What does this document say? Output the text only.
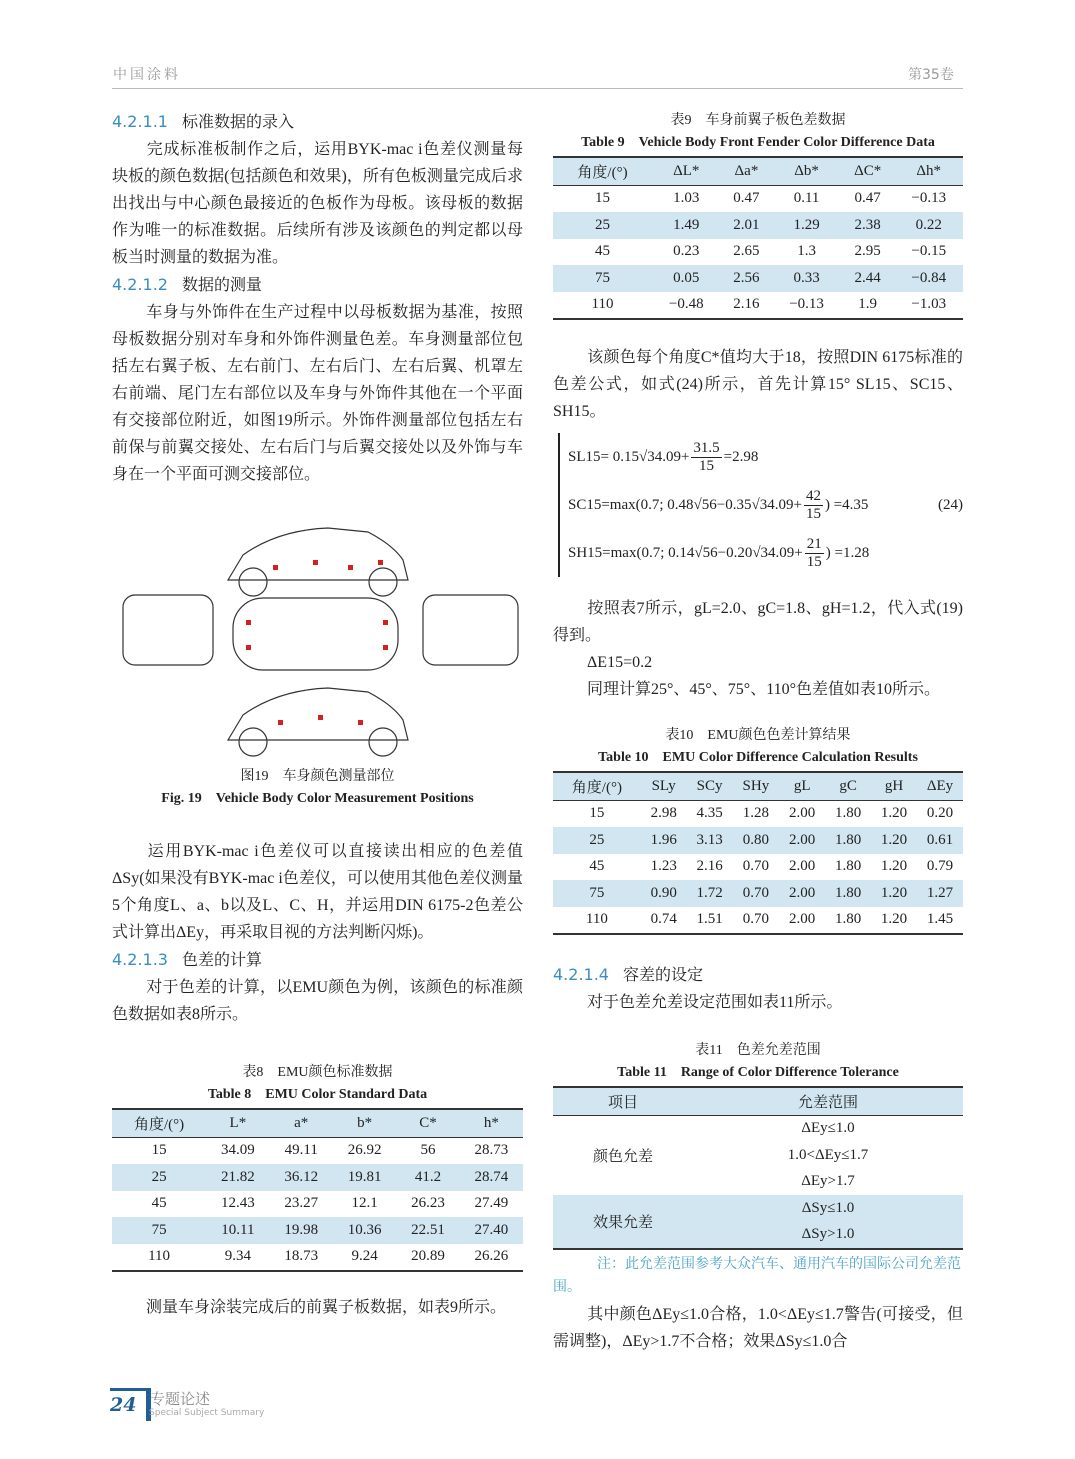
中国涂料	第35卷
4.2.1.1 标准数据的录入
完成标准板制作之后，运用BYK-mac i色差仪测量每块板的颜色数据(包括颜色和效果)，所有色板测量完成后求出找出与中心颜色最接近的色板作为母板。该母板的数据作为唯一的标准数据。后续所有涉及该颜色的判定都以母板当时测量的数据为准。
4.2.1.2 数据的测量
车身与外饰件在生产过程中以母板数据为基准，按照母板数据分别对车身和外饰件测量色差。车身测量部位包括左右翼子板、左右前门、左右后门、左右后翼、机罩左右前端、尾门左右部位以及车身与外饰件其他在一个平面有交接部位附近，如图19所示。外饰件测量部位包括左右前保与前翼交接处、左右后门与后翼交接处以及外饰与车身在一个平面可测交接部位。
图19　车身颜色测量部位
Fig. 19　Vehicle Body Color Measurement Positions
运用BYK-mac i色差仪可以直接读出相应的色差值ΔSy(如果没有BYK-mac i色差仪，可以使用其他色差仪测量5个角度L、a、b以及L、C、H，并运用DIN 6175-2色差公式计算出ΔEy，再采取目视的方法判断闪烁)。
4.2.1.3 色差的计算
对于色差的计算，以EMU颜色为例，该颜色的标准颜色数据如表8所示。
表8　EMU颜色标准数据
Table 8　EMU Color Standard Data
角度/(°)	L*	a*	b*	C*	h*
15	34.09	49.11	26.92	56	28.73
25	21.82	36.12	19.81	41.2	28.74
45	12.43	23.27	12.1	26.23	27.49
75	10.11	19.98	10.36	22.51	27.40
110	9.34	18.73	9.24	20.89	26.26
测量车身涂装完成后的前翼子板数据，如表9所示。
表9　车身前翼子板色差数据
Table 9　Vehicle Body Front Fender Color Difference Data
角度/(°)	ΔL*	Δa*	Δb*	ΔC*	Δh*
15	1.03	0.47	0.11	0.47	−0.13
25	1.49	2.01	1.29	2.38	0.22
45	0.23	2.65	1.3	2.95	−0.15
75	0.05	2.56	0.33	2.44	−0.84
110	−0.48	2.16	−0.13	1.9	−1.03
该颜色每个角度C*值均大于18，按照DIN 6175标准的色差公式，如式(24)所示，首先计算15° SL15、SC15、SH15。
$SL15= 0.15√34.09+ \frac{31.5}{15} =2.98$
SC15=max(0.7; $0.48√56-0.35√34.09+ \frac{42}{15}$ ) =4.35	(24)
SH15=max(0.7; $0.14√56-0.20√34.09+ \frac{21}{15}$ ) =1.28
按照表7所示，gL=2.0、gC=1.8、gH=1.2，代入式(19)得到。
ΔE15=0.2
同理计算25°、45°、75°、110°色差值如表10所示。
表10　EMU颜色色差计算结果
Table 10　EMU Color Difference Calculation Results
角度/(°)	SLy	SCy	SHy	gL	gC	gH	ΔEy
15	2.98	4.35	1.28	2.00	1.80	1.20	0.20
25	1.96	3.13	0.80	2.00	1.80	1.20	0.61
45	1.23	2.16	0.70	2.00	1.80	1.20	0.79
75	0.90	1.72	0.70	2.00	1.80	1.20	1.27
110	0.74	1.51	0.70	2.00	1.80	1.20	1.45
4.2.1.4 容差的设定
对于色差允差设定范围如表11所示。
表11　色差允差范围
Table 11　Range of Color Difference Tolerance
项目	允差范围
颜色允差	ΔEy≤1.0
	1.0<ΔEy≤1.7
	ΔEy>1.7
效果允差	ΔSy≤1.0
	ΔSy>1.0
注：此允差范围参考大众汽车、通用汽车的国际公司允差范围。
其中颜色ΔEy≤1.0合格，1.0<ΔEy≤1.7警告(可接受，但需调整)，ΔEy>1.7不合格；效果ΔSy≤1.0合
24 专题论述
Special Subject Summary
